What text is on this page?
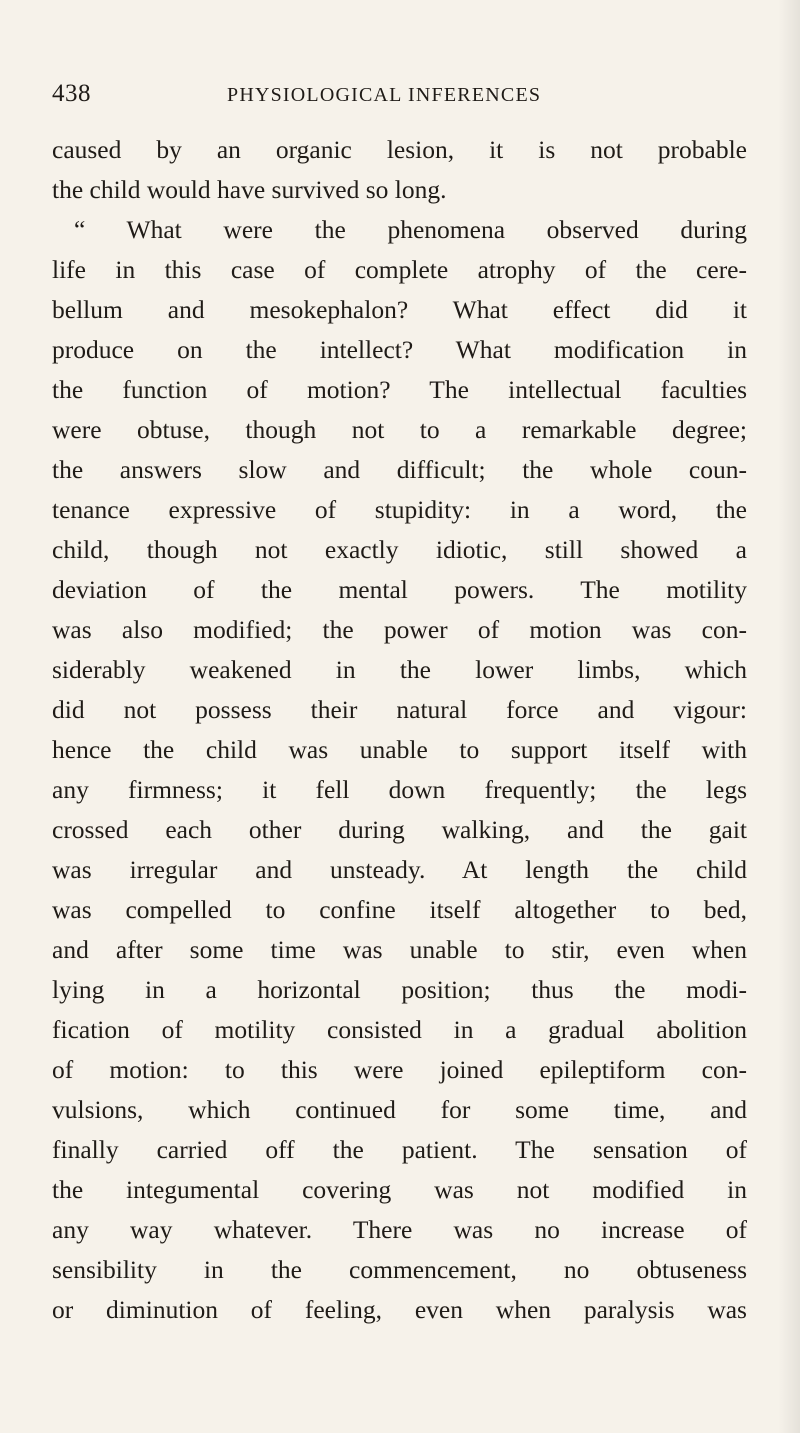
438	PHYSIOLOGICAL INFERENCES
caused by an organic lesion, it is not probable
the child would have survived so long.
“ What were the phenomena observed during
life in this case of complete atrophy of the cere-
bellum and mesokephalon? What effect did it
produce on the intellect? What modification in
the function of motion? The intellectual faculties
were obtuse, though not to a remarkable degree;
the answers slow and difficult; the whole coun-
tenance expressive of stupidity: in a word, the
child, though not exactly idiotic, still showed a
deviation of the mental powers. The motility
was also modified; the power of motion was con-
siderably weakened in the lower limbs, which
did not possess their natural force and vigour:
hence the child was unable to support itself with
any firmness; it fell down frequently; the legs
crossed each other during walking, and the gait
was irregular and unsteady. At length the child
was compelled to confine itself altogether to bed,
and after some time was unable to stir, even when
lying in a horizontal position; thus the modi-
fication of motility consisted in a gradual abolition
of motion: to this were joined epileptiform con-
vulsions, which continued for some time, and
finally carried off the patient. The sensation of
the integumental covering was not modified in
any way whatever. There was no increase of
sensibility in the commencement, no obtuseness
or diminution of feeling, even when paralysis was
